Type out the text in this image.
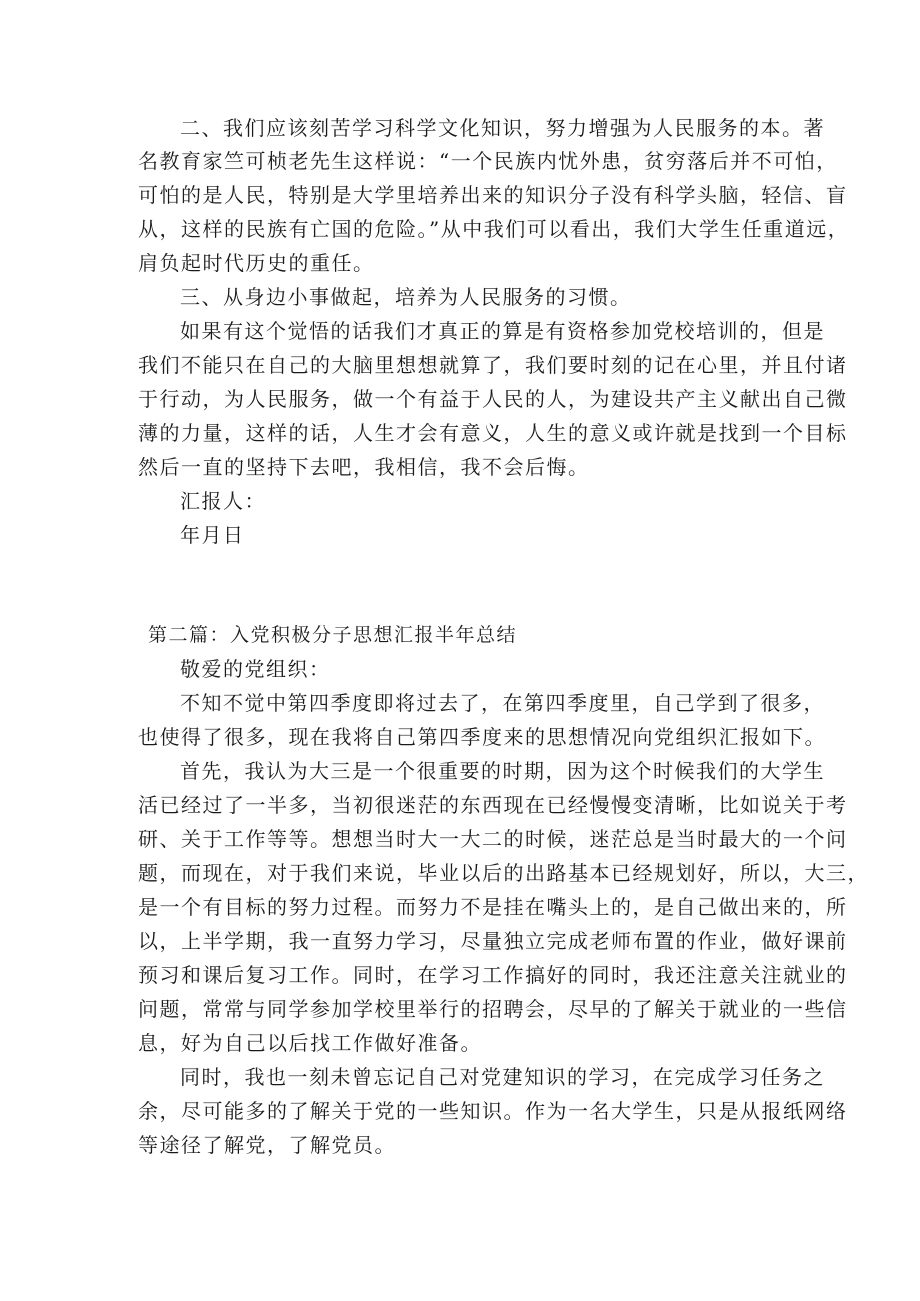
二、我们应该刻苦学习科学文化知识，努力增强为人民服务的本。著
名教育家竺可桢老先生这样说：“一个民族内忧外患，贫穷落后并不可怕，
可怕的是人民，特别是大学里培养出来的知识分子没有科学头脑，轻信、盲
从，这样的民族有亡国的危险。”从中我们可以看出，我们大学生任重道远，
肩负起时代历史的重任。
三、从身边小事做起，培养为人民服务的习惯。
如果有这个觉悟的话我们才真正的算是有资格参加党校培训的，但是
我们不能只在自己的大脑里想想就算了，我们要时刻的记在心里，并且付诸
于行动，为人民服务，做一个有益于人民的人，为建设共产主义献出自己微
薄的力量，这样的话，人生才会有意义，人生的意义或许就是找到一个目标
然后一直的坚持下去吧，我相信，我不会后悔。
汇报人：
年月日
第二篇：入党积极分子思想汇报半年总结
敬爱的党组织：
不知不觉中第四季度即将过去了，在第四季度里，自己学到了很多，
也使得了很多，现在我将自己第四季度来的思想情况向党组织汇报如下。
首先，我认为大三是一个很重要的时期，因为这个时候我们的大学生
活已经过了一半多，当初很迷茫的东西现在已经慢慢变清晰，比如说关于考
研、关于工作等等。想想当时大一大二的时候，迷茫总是当时最大的一个问
题，而现在，对于我们来说，毕业以后的出路基本已经规划好，所以，大三，
是一个有目标的努力过程。而努力不是挂在嘴头上的，是自己做出来的，所
以，上半学期，我一直努力学习，尽量独立完成老师布置的作业，做好课前
预习和课后复习工作。同时，在学习工作搞好的同时，我还注意关注就业的
问题，常常与同学参加学校里举行的招聘会，尽早的了解关于就业的一些信
息，好为自己以后找工作做好准备。
同时，我也一刻未曾忘记自己对党建知识的学习，在完成学习任务之
余，尽可能多的了解关于党的一些知识。作为一名大学生，只是从报纸网络
等途径了解党，了解党员。
